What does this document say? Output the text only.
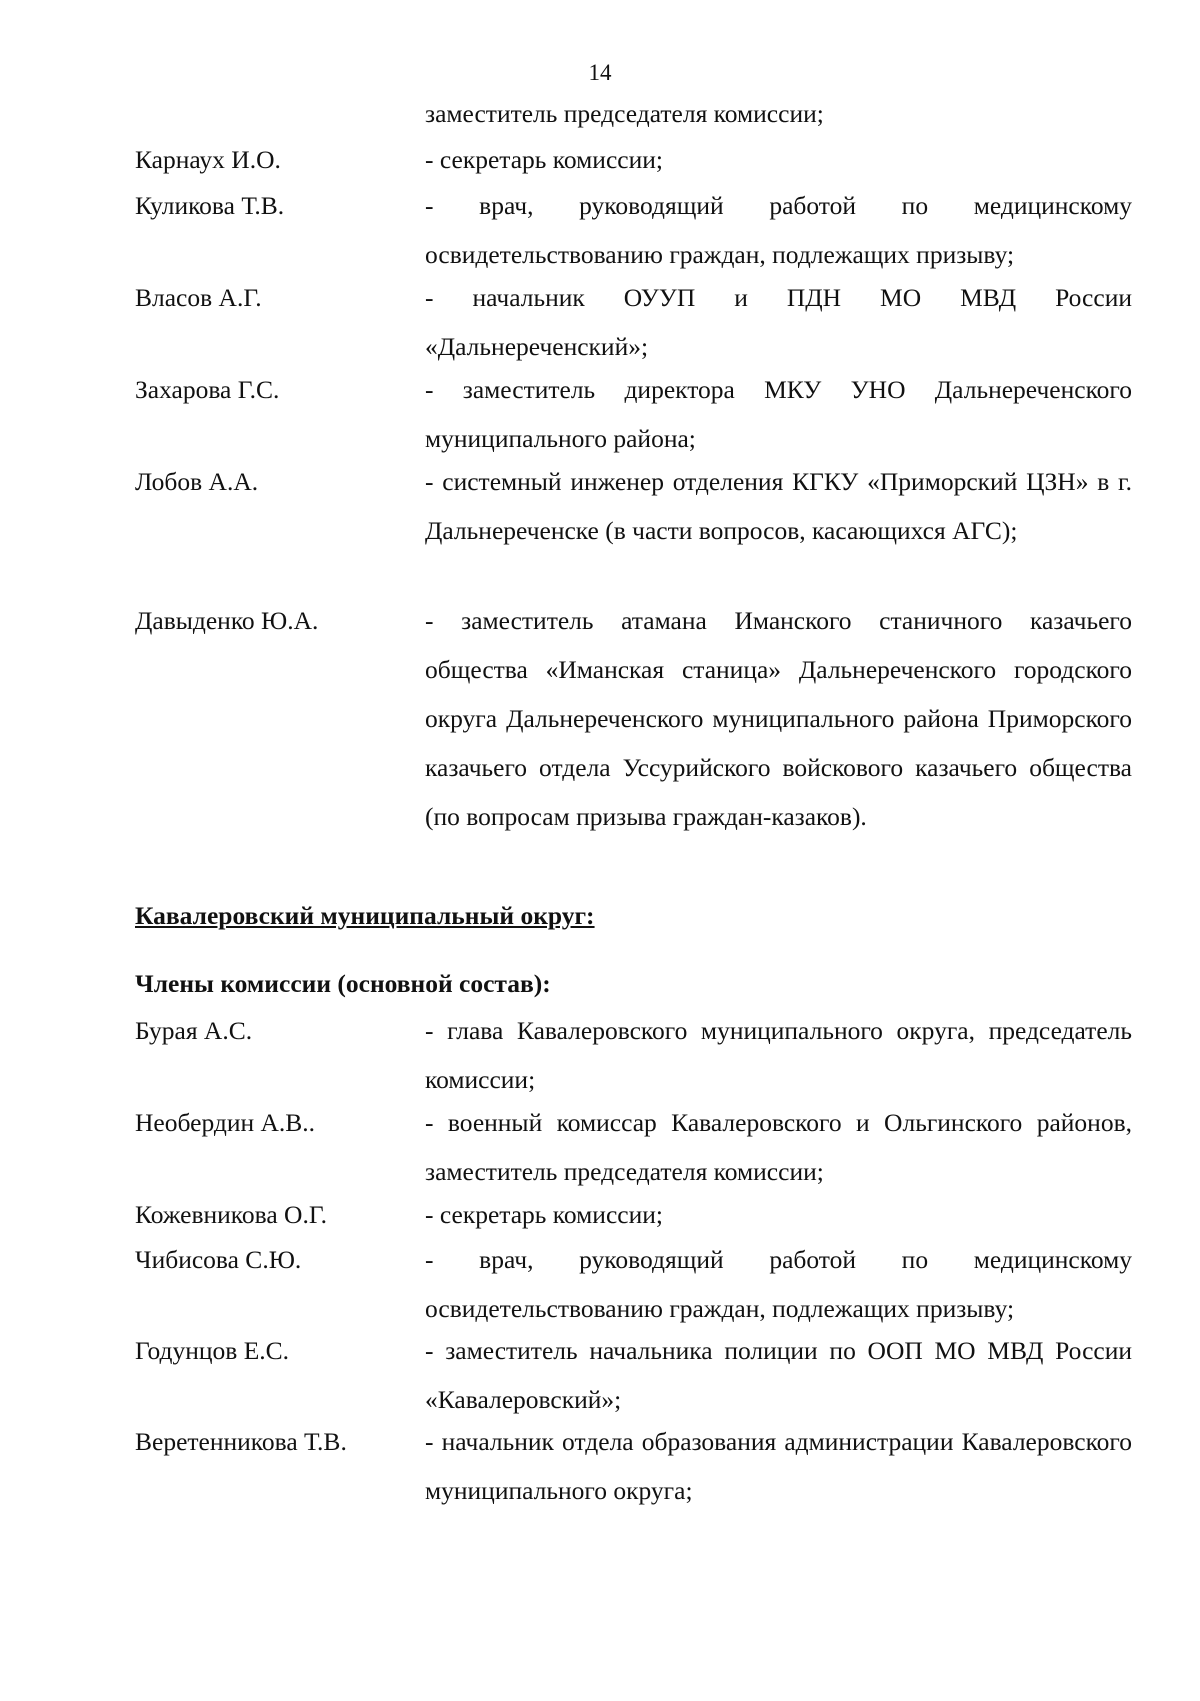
14
заместитель председателя комиссии;
Карнаух И.О.	- секретарь комиссии;
Куликова Т.В.	- врач, руководящий работой по медицинскому освидетельствованию граждан, подлежащих призыву;
Власов А.Г.	- начальник ОУУП и ПДН МО МВД России «Дальнереченский»;
Захарова Г.С.	- заместитель директора МКУ УНО Дальнереченского муниципального района;
Лобов А.А.	- системный инженер отделения КГКУ «Приморский ЦЗН» в г. Дальнереченске (в части вопросов, касающихся АГС);
Давыденко Ю.А.	- заместитель атамана Иманского станичного казачьего общества «Иманская станица» Дальнереченского городского округа Дальнереченского муниципального района Приморского казачьего отдела Уссурийского войскового казачьего общества (по вопросам призыва граждан-казаков).
Кавалеровский муниципальный округ:
Члены комиссии (основной состав):
Бурая А.С.	- глава Кавалеровского муниципального округа, председатель комиссии;
Необердин А.В..	- военный комиссар Кавалеровского и Ольгинского районов, заместитель председателя комиссии;
Кожевникова О.Г.	- секретарь комиссии;
Чибисова С.Ю.	- врач, руководящий работой по медицинскому освидетельствованию граждан, подлежащих призыву;
Годунцов Е.С.	- заместитель начальника полиции по ООП МО МВД России «Кавалеровский»;
Веретенникова Т.В.	- начальник отдела образования администрации Кавалеровского муниципального округа;
